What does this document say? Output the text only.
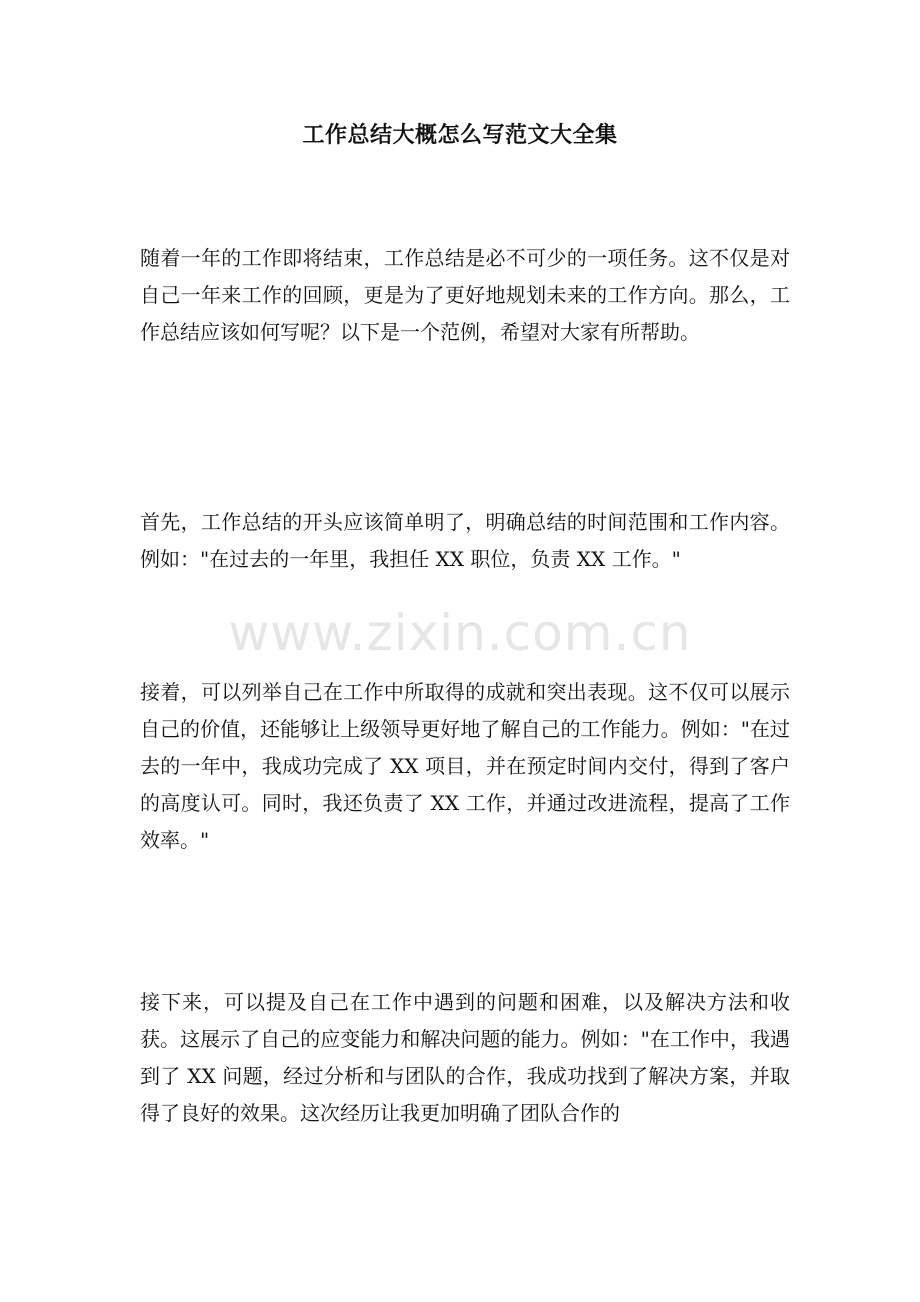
工作总结大概怎么写范文大全集
随着一年的工作即将结束，工作总结是必不可少的一项任务。这不仅是对自己一年来工作的回顾，更是为了更好地规划未来的工作方向。那么，工作总结应该如何写呢？以下是一个范例，希望对大家有所帮助。
首先，工作总结的开头应该简单明了，明确总结的时间范围和工作内容。例如："在过去的一年里，我担任 XX 职位，负责 XX 工作。"
www.zixin.com.cn
接着，可以列举自己在工作中所取得的成就和突出表现。这不仅可以展示自己的价值，还能够让上级领导更好地了解自己的工作能力。例如："在过去的一年中，我成功完成了 XX 项目，并在预定时间内交付，得到了客户的高度认可。同时，我还负责了 XX 工作，并通过改进流程，提高了工作效率。"
接下来，可以提及自己在工作中遇到的问题和困难，以及解决方法和收获。这展示了自己的应变能力和解决问题的能力。例如："在工作中，我遇到了 XX 问题，经过分析和与团队的合作，我成功找到了解决方案，并取得了良好的效果。这次经历让我更加明确了团队合作的
